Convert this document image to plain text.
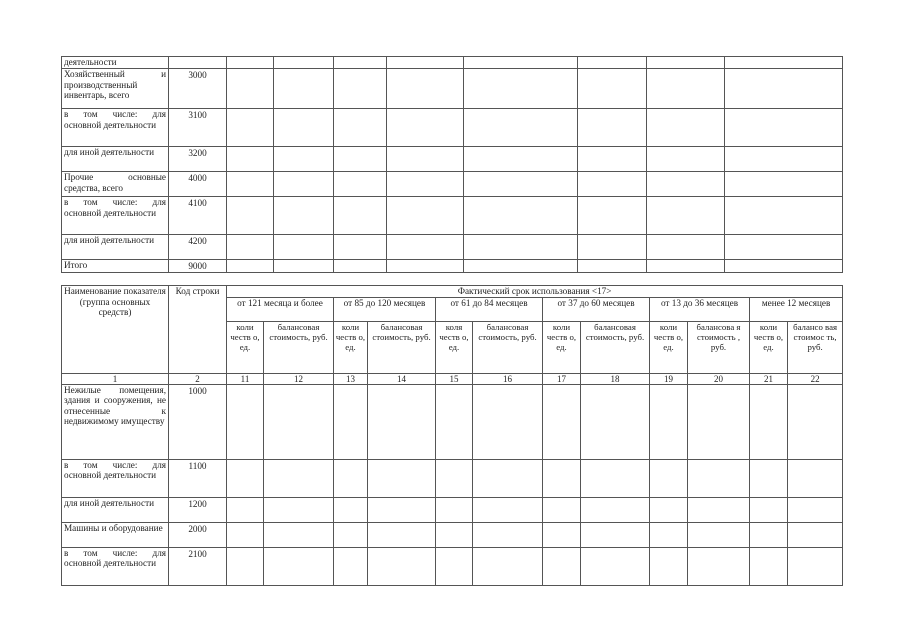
деятельности									
Хозяйственный и производственный инвентарь, всего	3000								
в том числе: для основной деятельности	3100								
для иной деятельности	3200								
Прочие основные средства, всего	4000								
в том числе: для основной деятельности	4100								
для иной деятельности	4200								
Итого	9000								
Наименование показателя (группа основных средств)	Код строки	Фактический срок использования <17>											
		от 121 месяца и более		от 85 до 120 месяцев		от 61 до 84 месяцев		от 37 до 60 месяцев		от 13 до 36 месяцев		менее 12 месяцев	
		коли честв о, ед.	балансовая стоимость, руб.	коли честв о, ед.	балансовая стоимость, руб.	коля честв о, ед.	балансовая стоимость, руб.	коли честв о, ед.	балансовая стоимость, руб.	коли честв о, ед.	балансова я стоимость , руб.	коли честв о, ед.	балансо вая стоимос ть, руб.
1	2	11	12	13	14	15	16	17	18	19	20	21	22
Нежилые помещения, здания и сооружения, не отнесенные к недвижимому имуществу	1000												
в том числе: для основной деятельности	1100												
для иной деятельности	1200												
Машины и оборудование	2000												
в том числе: для основной деятельности	2100												
